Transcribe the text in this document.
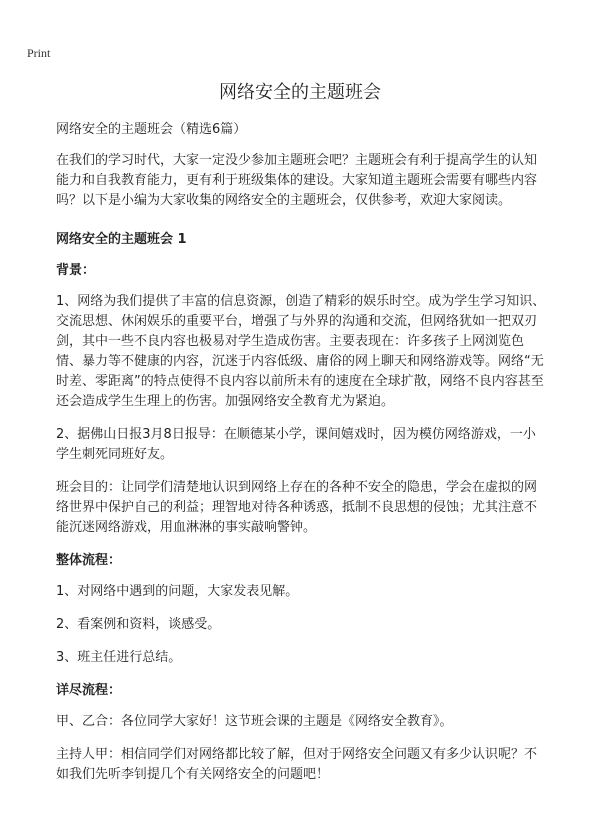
Print
网络安全的主题班会

网络安全的主题班会（精选6篇）

在我们的学习时代，大家一定没少参加主题班会吧？主题班会有利于提高学生的认知能力和自我教育能力，更有利于班级集体的建设。大家知道主题班会需要有哪些内容吗？以下是小编为大家收集的网络安全的主题班会，仅供参考，欢迎大家阅读。

网络安全的主题班会 1

背景：

1、网络为我们提供了丰富的信息资源，创造了精彩的娱乐时空。成为学生学习知识、交流思想、休闲娱乐的重要平台，增强了与外界的沟通和交流，但网络犹如一把双刃剑，其中一些不良内容也极易对学生造成伤害。主要表现在：许多孩子上网浏览色情、暴力等不健康的内容，沉迷于内容低级、庸俗的网上聊天和网络游戏等。网络“无时差、零距离”的特点使得不良内容以前所未有的速度在全球扩散，网络不良内容甚至还会造成学生生理上的伤害。加强网络安全教育尤为紧迫。

2、据佛山日报3月8日报导：在顺德某小学，课间嬉戏时，因为模仿网络游戏，一小学生刺死同班好友。

班会目的：让同学们清楚地认识到网络上存在的各种不安全的隐患，学会在虚拟的网络世界中保护自己的利益；理智地对待各种诱惑，抵制不良思想的侵蚀；尤其注意不能沉迷网络游戏，用血淋淋的事实敲响警钟。

整体流程：

1、对网络中遇到的问题，大家发表见解。

2、看案例和资料，谈感受。

3、班主任进行总结。

详尽流程：

甲、乙合：各位同学大家好！这节班会课的主题是《网络安全教育》。

主持人甲：相信同学们对网络都比较了解，但对于网络安全问题又有多少认识呢？不如我们先听李钊提几个有关网络安全的问题吧！
